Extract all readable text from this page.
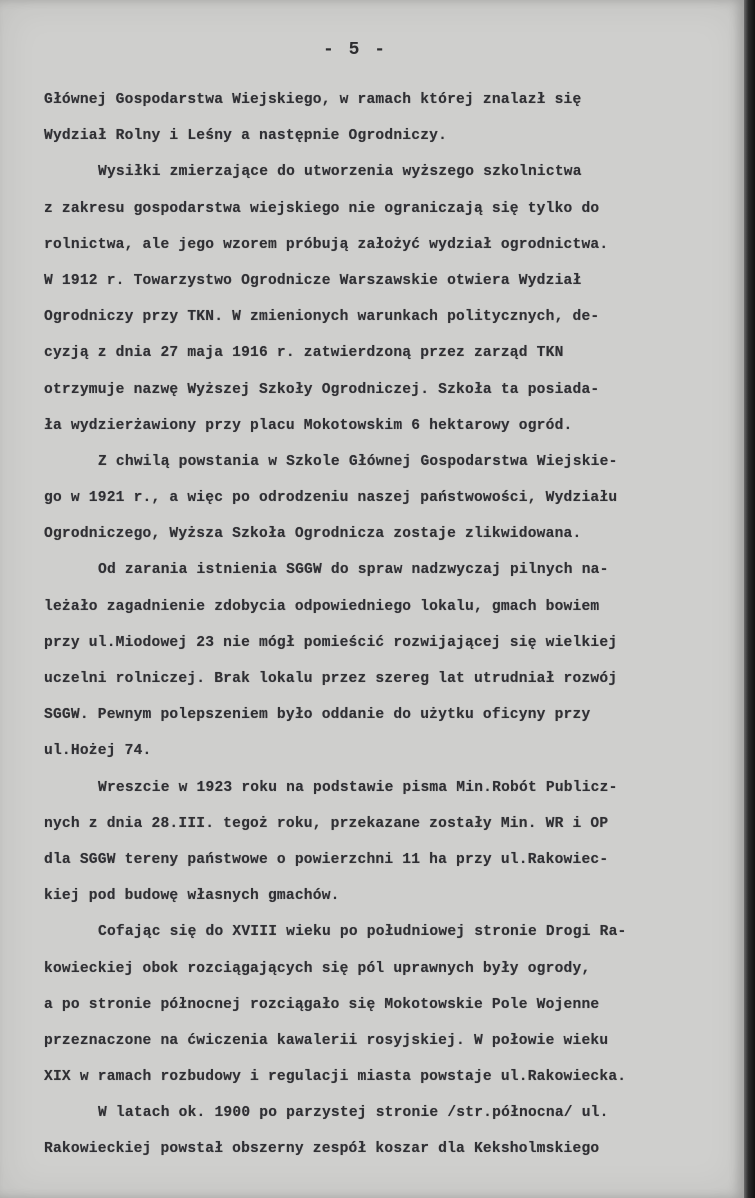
- 5 -
Głównej Gospodarstwa Wiejskiego, w ramach której znalazł się
Wydział Rolny i Leśny a następnie Ogrodniczy.
Wysiłki zmierzające do utworzenia wyższego szkolnictwa
z zakresu gospodarstwa wiejskiego nie ograniczają się tylko do
rolnictwa, ale jego wzorem próbują założyć wydział ogrodnictwa.
W 1912 r. Towarzystwo Ogrodnicze Warszawskie otwiera Wydział
Ogrodniczy przy TKN. W zmienionych warunkach politycznych, de-
cyzją z dnia 27 maja 1916 r. zatwierdzoną przez zarząd TKN
otrzymuje nazwę Wyższej Szkoły Ogrodniczej. Szkoła ta posiada-
ła wydzierżawiony przy placu Mokotowskim 6 hektarowy ogród.
Z chwilą powstania w Szkole Głównej Gospodarstwa Wiejskie-
go w 1921 r., a więc po odrodzeniu naszej państwowości, Wydziału
Ogrodniczego, Wyższa Szkoła Ogrodnicza zostaje zlikwidowana.
Od zarania istnienia SGGW do spraw nadzwyczaj pilnych na-
leżało zagadnienie zdobycia odpowiedniego lokalu, gmach bowiem
przy ul.Miodowej 23 nie mógł pomieścić rozwijającej się wielkiej
uczelni rolniczej. Brak lokalu przez szereg lat utrudniał rozwój
SGGW. Pewnym polepszeniem było oddanie do użytku oficyny przy
ul.Hożej 74.
Wreszcie w 1923 roku na podstawie pisma Min.Robót Publicz-
nych z dnia 28.III. tegoż roku, przekazane zostały Min. WR i OP
dla SGGW tereny państwowe o powierzchni 11 ha przy ul.Rakowiec-
kiej pod budowę własnych gmachów.
Cofając się do XVIII wieku po południowej stronie Drogi Ra-
kowieckiej obok rozciągających się pól uprawnych były ogrody,
a po stronie północnej rozciągało się Mokotowskie Pole Wojenne
przeznaczone na ćwiczenia kawalerii rosyjskiej. W połowie wieku
XIX w ramach rozbudowy i regulacji miasta powstaje ul.Rakowiecka.
W latach ok. 1900 po parzystej stronie /str.północna/ ul.
Rakowieckiej powstał obszerny zespół koszar dla Keksholmskiego
